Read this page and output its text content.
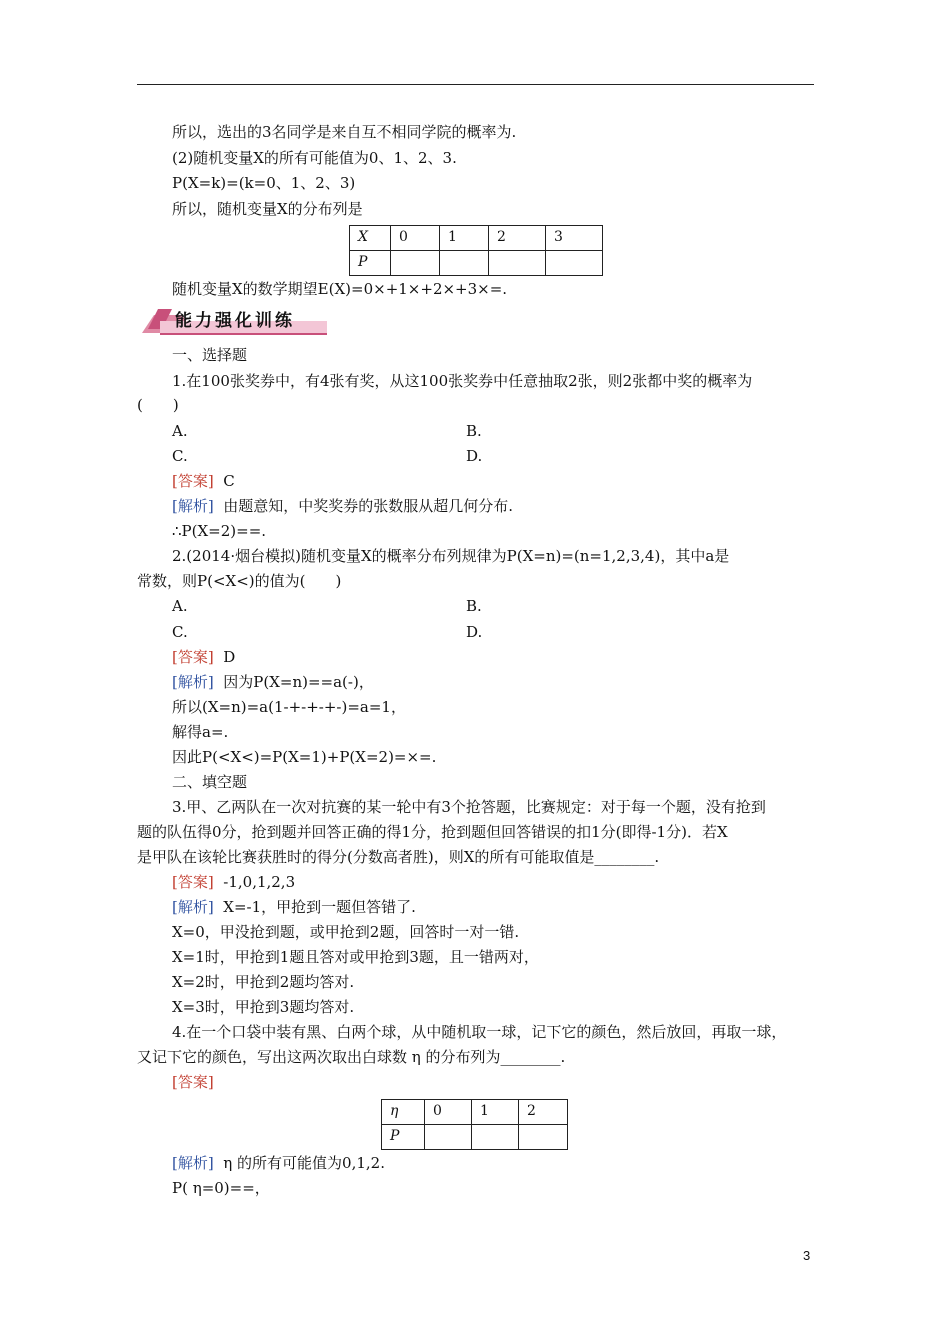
所以，选出的3名同学是来自互不相同学院的概率为.
(2)随机变量X的所有可能值为0、1、2、3.
P(X=k)=(k=0、1、2、3)
所以，随机变量X的分布列是
X	0	1	2	3
P				
随机变量X的数学期望E(X)=0×+1×+2×+3×=.
能力强化训练
一、选择题
1.在100张奖券中，有4张有奖，从这100张奖券中任意抽取2张，则2张都中奖的概率为
(　　)
A.	B.
C.	D.
[答案] C
[解析] 由题意知，中奖奖券的张数服从超几何分布.
∴P(X=2)==.
2.(2014·烟台模拟)随机变量X的概率分布列规律为P(X=n)=(n=1,2,3,4)，其中a是
常数，则P(<X<)的值为(　　)
A.	B.
C.	D.
[答案] D
[解析] 因为P(X=n)==a(-)，
所以(X=n)=a(1-+-+-+-)=a=1，
解得a=.
因此P(<X<)=P(X=1)+P(X=2)=×=.
二、填空题
3.甲、乙两队在一次对抗赛的某一轮中有3个抢答题，比赛规定：对于每一个题，没有抢到
题的队伍得0分，抢到题并回答正确的得1分，抢到题但回答错误的扣1分(即得-1分)．若X
是甲队在该轮比赛获胜时的得分(分数高者胜)，则X的所有可能取值是________.
[答案] -1,0,1,2,3
[解析] X=-1，甲抢到一题但答错了.
X=0，甲没抢到题，或甲抢到2题，回答时一对一错.
X=1时，甲抢到1题且答对或甲抢到3题，且一错两对，
X=2时，甲抢到2题均答对.
X=3时，甲抢到3题均答对.
4.在一个口袋中装有黑、白两个球，从中随机取一球，记下它的颜色，然后放回，再取一球，
又记下它的颜色，写出这两次取出白球数 η 的分布列为________.
[答案]
η	0	1	2
P			
[解析] η 的所有可能值为0,1,2.
P( η=0)==，
3
